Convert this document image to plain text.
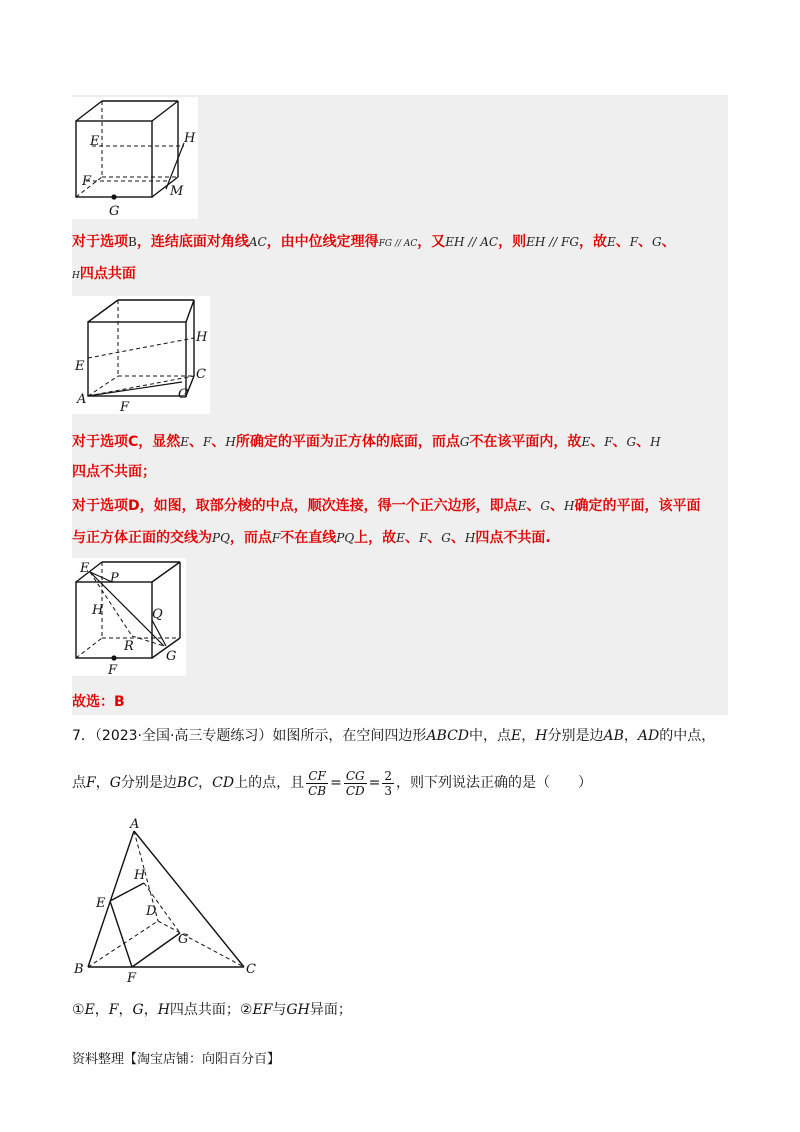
E	H
F
M
G
对于选项B，连结底面对角线AC，由中位线定理得FG // AC，又EH // AC，则EH // FG，故E、F、G、
H四点共面
H
E
C
A	G
F
对于选项C，显然E、F、H所确定的平面为正方体的底面，而点G不在该平面内，故E、F、G、H
四点不共面；
对于选项D，如图，取部分棱的中点，顺次连接，得一个正六边形，即点E、G、H确定的平面，该平面
与正方体正面的交线为PQ，而点F不在直线PQ上，故E、F、G、H四点不共面.
E
P
H	Q
R
G
F
故选：B
7．（2023·全国·高三专题练习）如图所示，在空间四边形ABCD中，点E，H分别是边AB，AD的中点，
点F，G分别是边BC，CD上的点，且 $\frac{CF}{CB} = \frac{CG}{CD} = \frac{2}{3}$ ，则下列说法正确的是（　　）
A
H
E
D
G
B
F
C
①E，F，G，H四点共面；②EF与GH异面；
资料整理【淘宝店铺：向阳百分百】
